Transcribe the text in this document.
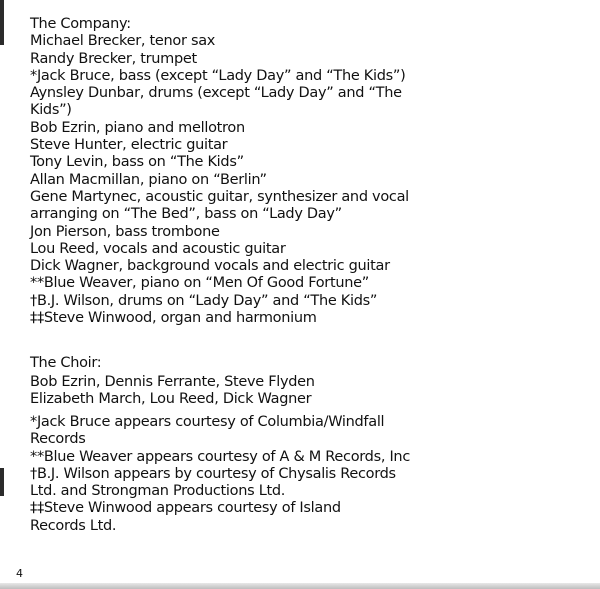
The Company:
Michael Brecker, tenor sax
Randy Brecker, trumpet
*Jack Bruce, bass (except “Lady Day” and “The Kids”)
Aynsley Dunbar, drums (except “Lady Day” and “The
Kids”)
Bob Ezrin, piano and mellotron
Steve Hunter, electric guitar
Tony Levin, bass on “The Kids”
Allan Macmillan, piano on “Berlin”
Gene Martynec, acoustic guitar, synthesizer and vocal
arranging on “The Bed”, bass on “Lady Day”
Jon Pierson, bass trombone
Lou Reed, vocals and acoustic guitar
Dick Wagner, background vocals and electric guitar
**Blue Weaver, piano on “Men Of Good Fortune”
†B.J. Wilson, drums on “Lady Day” and “The Kids”
‡‡Steve Winwood, organ and harmonium
The Choir:
Bob Ezrin, Dennis Ferrante, Steve Flyden
Elizabeth March, Lou Reed, Dick Wagner
*Jack Bruce appears courtesy of Columbia/Windfall
Records
**Blue Weaver appears courtesy of A & M Records, Inc
†B.J. Wilson appears by courtesy of Chysalis Records
Ltd. and Strongman Productions Ltd.
‡‡Steve Winwood appears courtesy of Island
Records Ltd.
4
